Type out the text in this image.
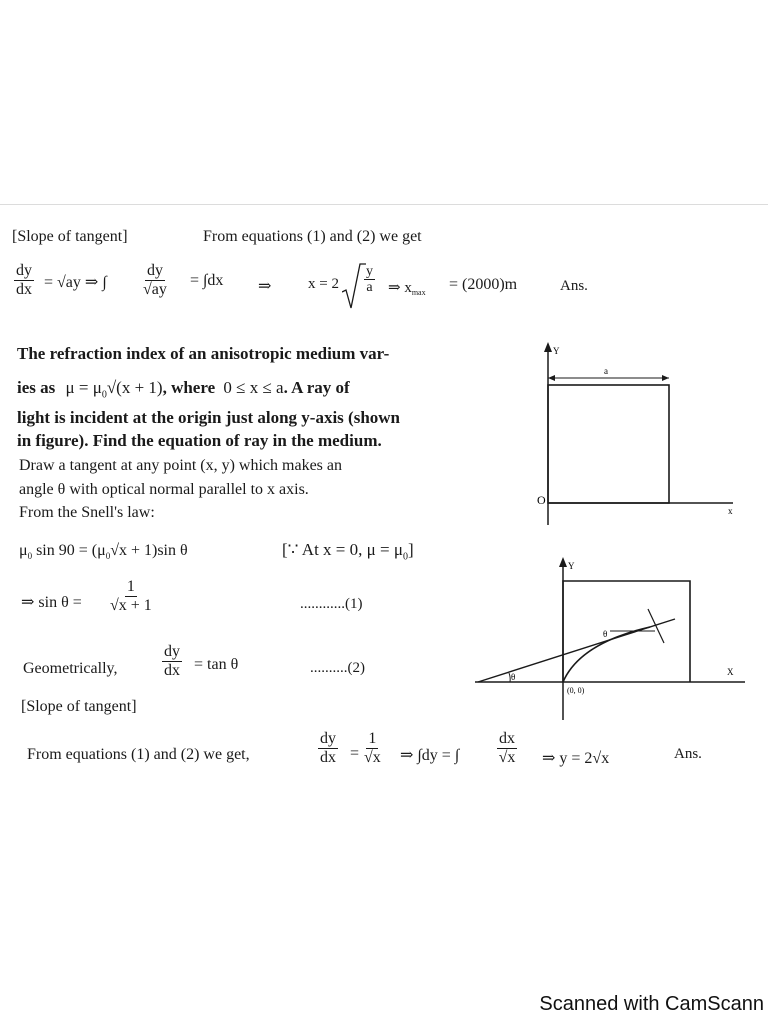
[Slope of tangent]	From equations (1) and (2) we get
$\frac{dy}{dx} = √ay$ ⇒ ∫ $\frac{dy}{√ay} = \int dx$ ⇒ $x = 2 \frac{y}{a}$ ⇒ $x_{max} = (2000)m$	Ans.
The refraction index of an anisotropic medium var-
ies as $\mu = \mu_0√(x + 1)$, where 0 ≤ x ≤ a. A ray of
light is incident at the origin just along y-axis (shown
in figure). Find the equation of ray in the medium.
Draw a tangent at any point (x, y) which makes an
angle θ with optical normal parallel to x axis.
From the Snell's law:
$\mu_0$ $\sin 90 = (\mu_0√x + 1)\sin$ θ	[∵ At x = 0, $\mu = \mu_0$]
⇒ $\sin \theta = \frac{1}{√x + 1}$	............(1)
Geometrically,	$\frac{dy}{dx} = \tan \theta$	..........(2)
[Slope of tangent]
From equations (1) and (2) we get,	$\frac{dy}{dx} = \frac{1}{√x}$ ⇒ ∫dy = ∫ $\frac{dx}{√x}$ ⇒ y = 2√x	Ans.
Y
a
O
x
θ
θ
Y
(0, 0)
X
Scanned with CamScann
